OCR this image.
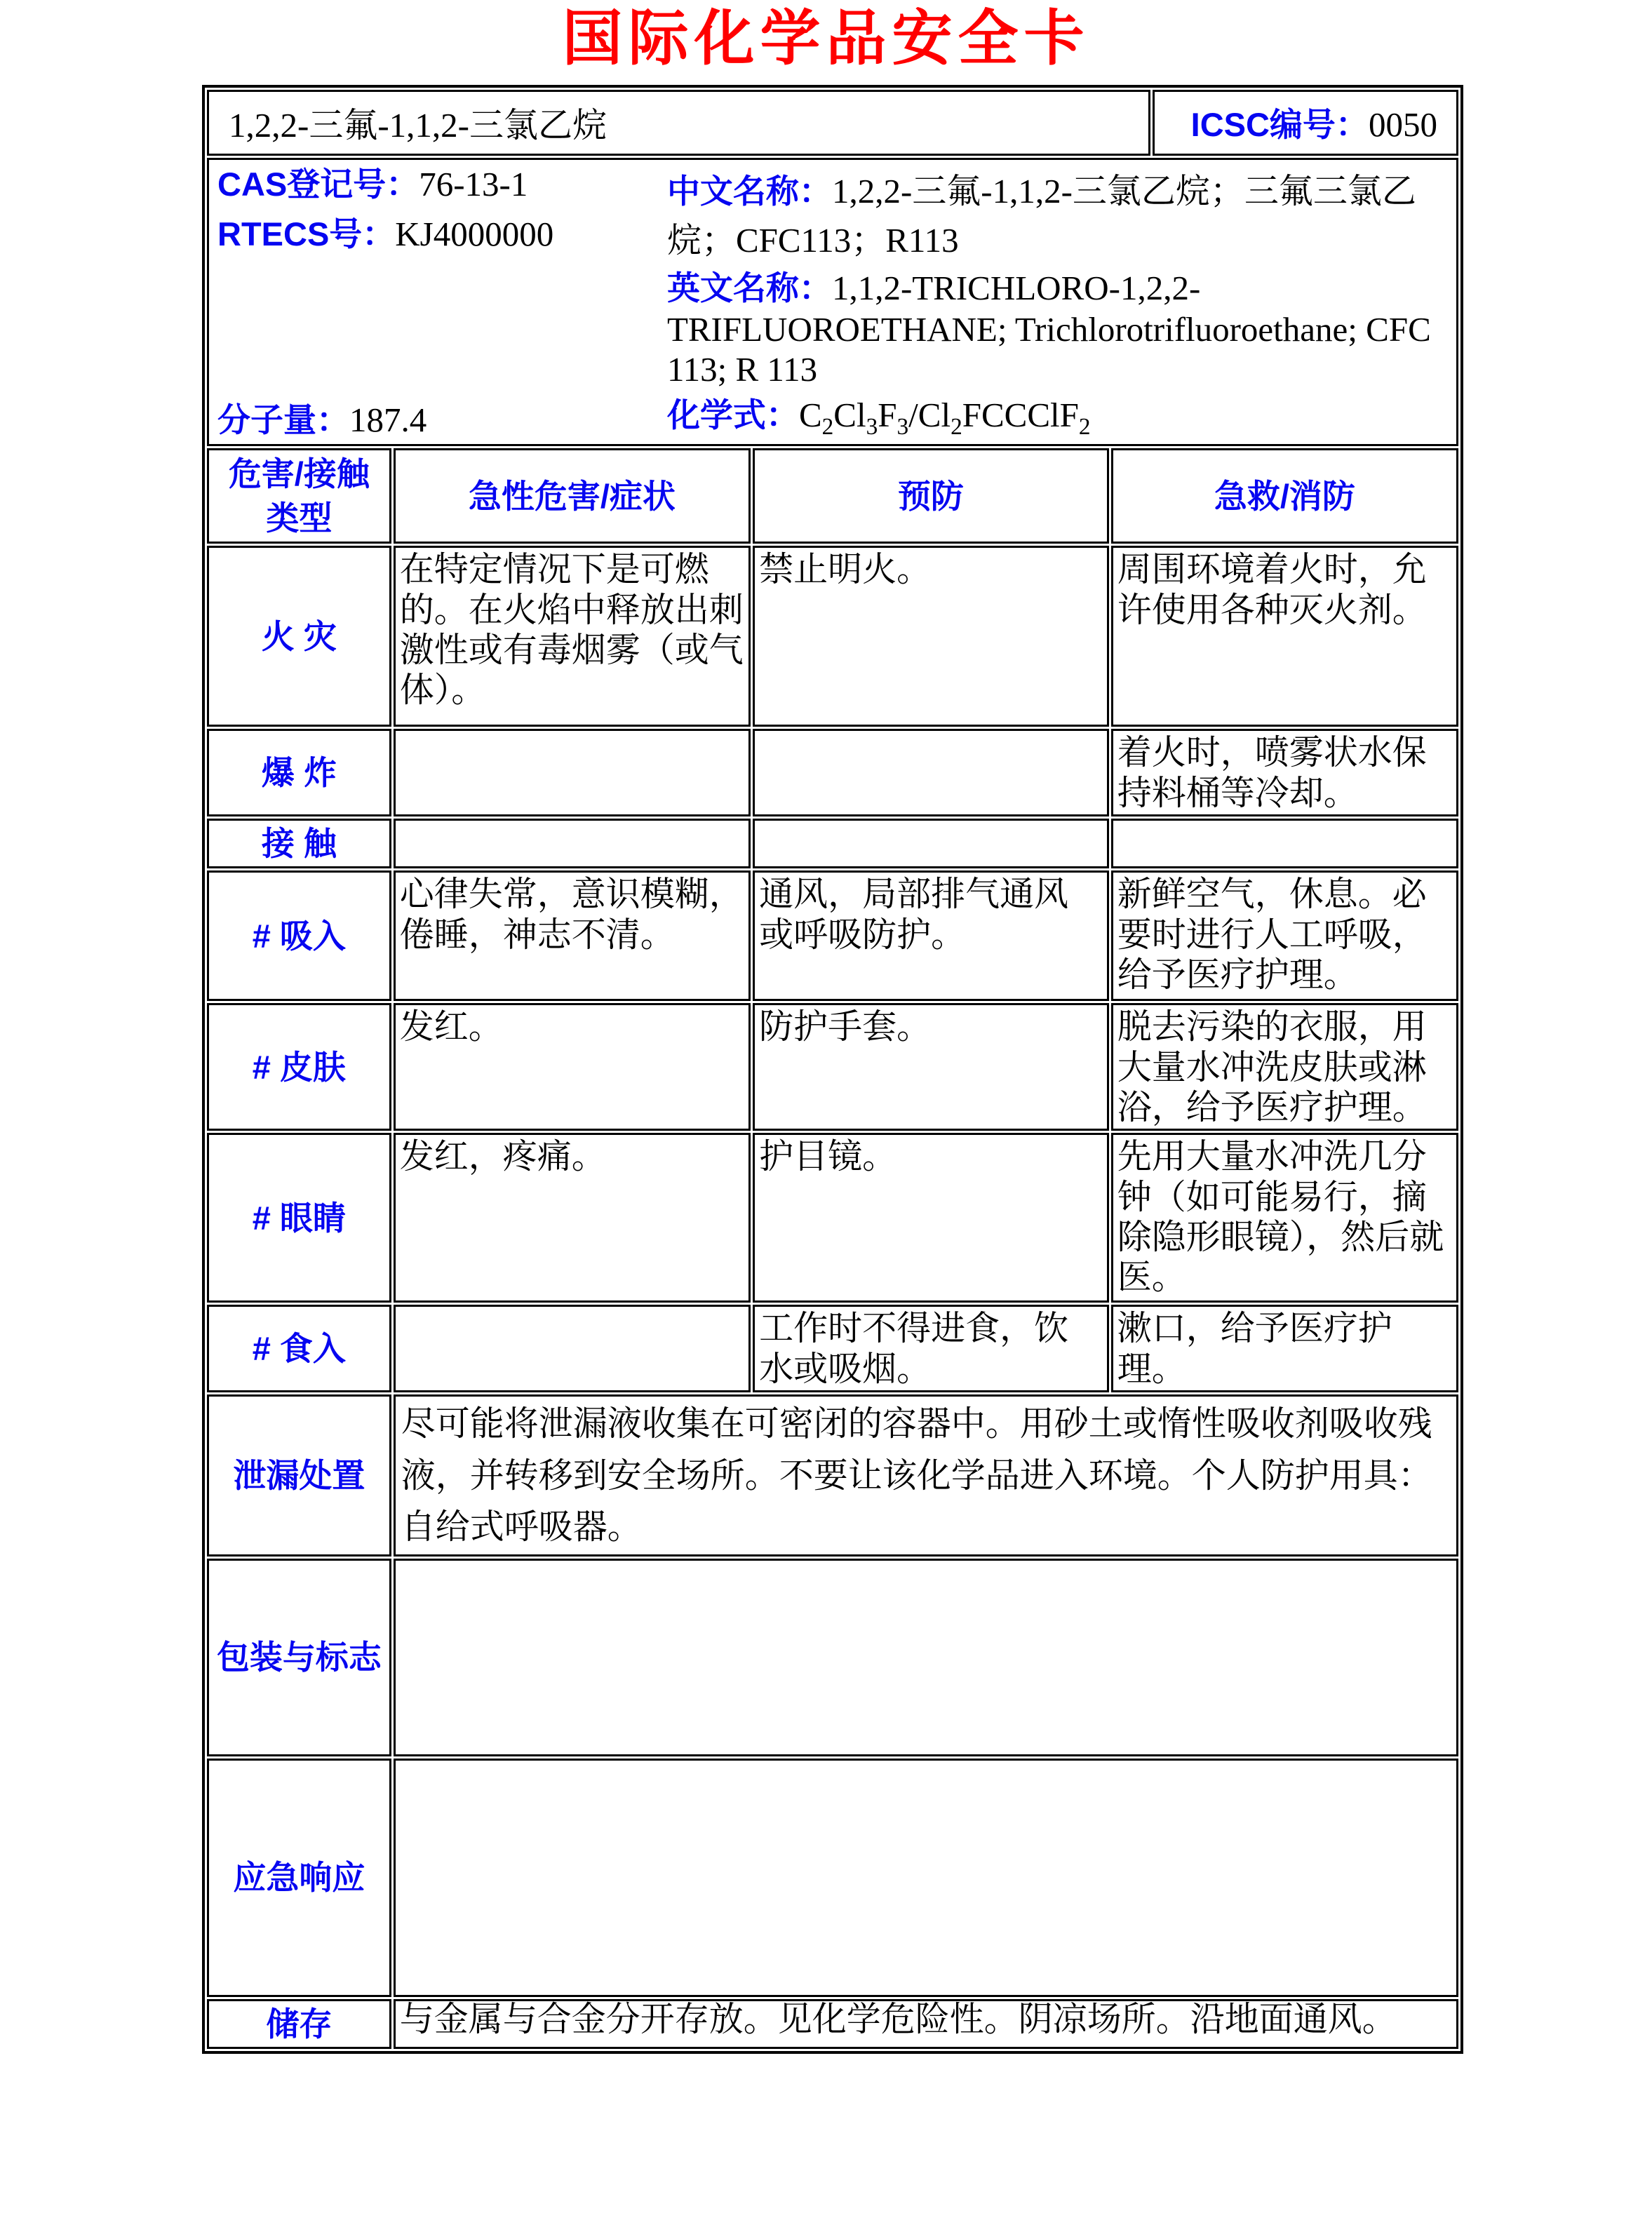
国际化学品安全卡
1,2,2-三氟-1,1,2-三氯乙烷	ICSC编号：0050
CAS登记号：76-13-1
RTECS号：KJ4000000
分子量：187.4
中文名称：1,2,2-三氟-1,1,2-三氯乙烷；三氟三氯乙烷；CFC113；R113
英文名称：1,1,2-TRICHLORO-1,2,2-TRIFLUOROETHANE; Trichlorotrifluoroethane; CFC 113; R 113
化学式：$C_2Cl_3F_3/Cl_2FCCClF_2$
危害/接触
类型	急性危害/症状	预防	急救/消防
火 灾	在特定情况下是可燃的。在火焰中释放出刺激性或有毒烟雾（或气体）。	禁止明火。	周围环境着火时，允许使用各种灭火剂。
爆 炸			着火时，喷雾状水保持料桶等冷却。
接 触			
# 吸入	心律失常，意识模糊，倦睡，神志不清。	通风，局部排气通风或呼吸防护。	新鲜空气，休息。必要时进行人工呼吸，给予医疗护理。
# 皮肤	发红。	防护手套。	脱去污染的衣服，用大量水冲洗皮肤或淋浴，给予医疗护理。
# 眼睛	发红，疼痛。	护目镜。	先用大量水冲洗几分钟（如可能易行，摘除隐形眼镜），然后就医。
# 食入		工作时不得进食，饮水或吸烟。	漱口，给予医疗护理。
泄漏处置	尽可能将泄漏液收集在可密闭的容器中。用砂土或惰性吸收剂吸收残液，并转移到安全场所。不要让该化学品进入环境。个人防护用具：自给式呼吸器。		
包装与标志			
应急响应			
储存	与金属与合金分开存放。见化学危险性。阴凉场所。沿地面通风。		
